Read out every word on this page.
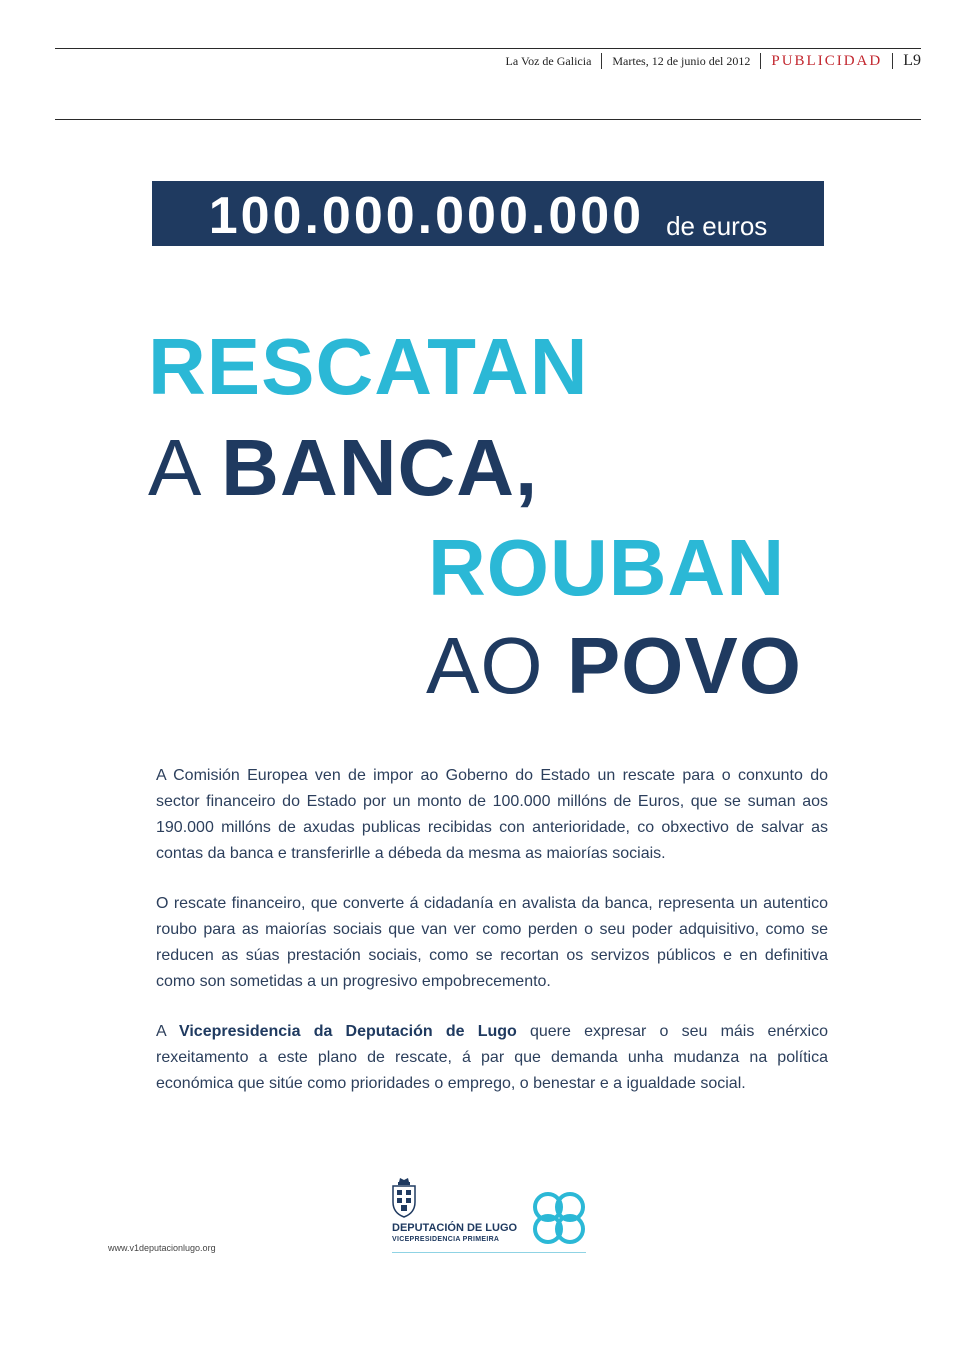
La Voz de Galicia Martes, 12 de junio del 2012 PUBLICIDAD L9
100.000.000.000 de euros
RESCATAN
A BANCA,
ROUBAN
AO POVO
A Comisión Europea ven de impor ao Goberno do Estado un rescate para o conxunto do sector financeiro do Estado por un monto de 100.000 millóns de Euros, que se suman aos 190.000 millóns de axudas publicas recibidas con anterioridade, co obxectivo de salvar as contas da banca e transferirlle a débeda da mesma as maiorías sociais.
O rescate financeiro, que converte á cidadanía en avalista da banca, representa un autentico roubo para as maiorías sociais que van ver como perden o seu poder adquisitivo, como se reducen as súas prestación sociais, como se recortan os servizos públicos e en definitiva como son sometidas a un progresivo empobrecemento.
A Vicepresidencia da Deputación de Lugo quere expresar o seu máis enérxico rexeitamento a este plano de rescate, á par que demanda unha mudanza na política económica que sitúe como prioridades o emprego, o benestar e a igualdade social.
DEPUTACIÓN DE LUGO
VICEPRESIDENCIA PRIMEIRA
www.v1deputacionlugo.org
